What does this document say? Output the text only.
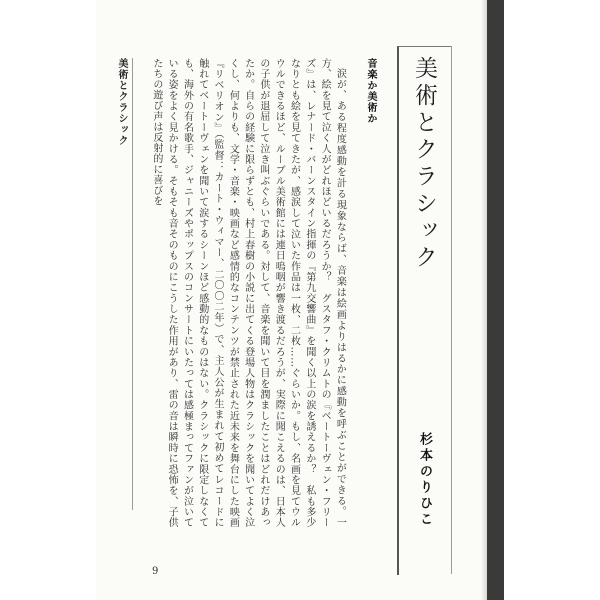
美術とクラシック	音楽か美術か

涙が、ある程度感動を計る現象ならば、音楽は絵画よりはるかに感動を呼ぶことができる。一方、絵を見て泣く人がどれほどいるだろうか？　グスタフ・クリムトの『ベートーヴェン・フリーズ』は、レナード・バーンスタイン指揮の『第九交響曲』を聞く以上の涙を誘えるか？　私も多少なりとも絵を見てきたが、感涙して泣いた作品は一枚、二枚……ぐらいか。もし、名画を見てウルウルできるほど、ルーブル美術館には連日嗚咽が響き渡るだろうが、実際に聞こえるのは、日本人の子供が退屈して泣き叫ぶぐらいである。対して、音楽を聞いて目を潤ましたことはどれだけあったか。自らの経験に限らずとも、村上春樹の小説に出てくる登場人物はクラシックを聞いてよく泣くし、何よりも、文学・音楽・映画など感情的なコンテンツが禁止された近未来を舞台にした映画『リベリオン』（監督：カート・ウィマー、二〇〇二年）で、主人公が生まれて初めてレコードに触れてベートーヴェンを聞いて涙するシーンほど感動的なものはない。クラシックに限定しなくても、海外の有名歌手、ジャニーズやポップスのコンサートにいたっては感極まってファンが泣いている姿をよく見かける。そもそも音そのものにこうした作用があり、雷の音は瞬時に恐怖を、子供たちの遊び声は反射的に喜びを	美術とクラシック
杉本のりひこ
9
